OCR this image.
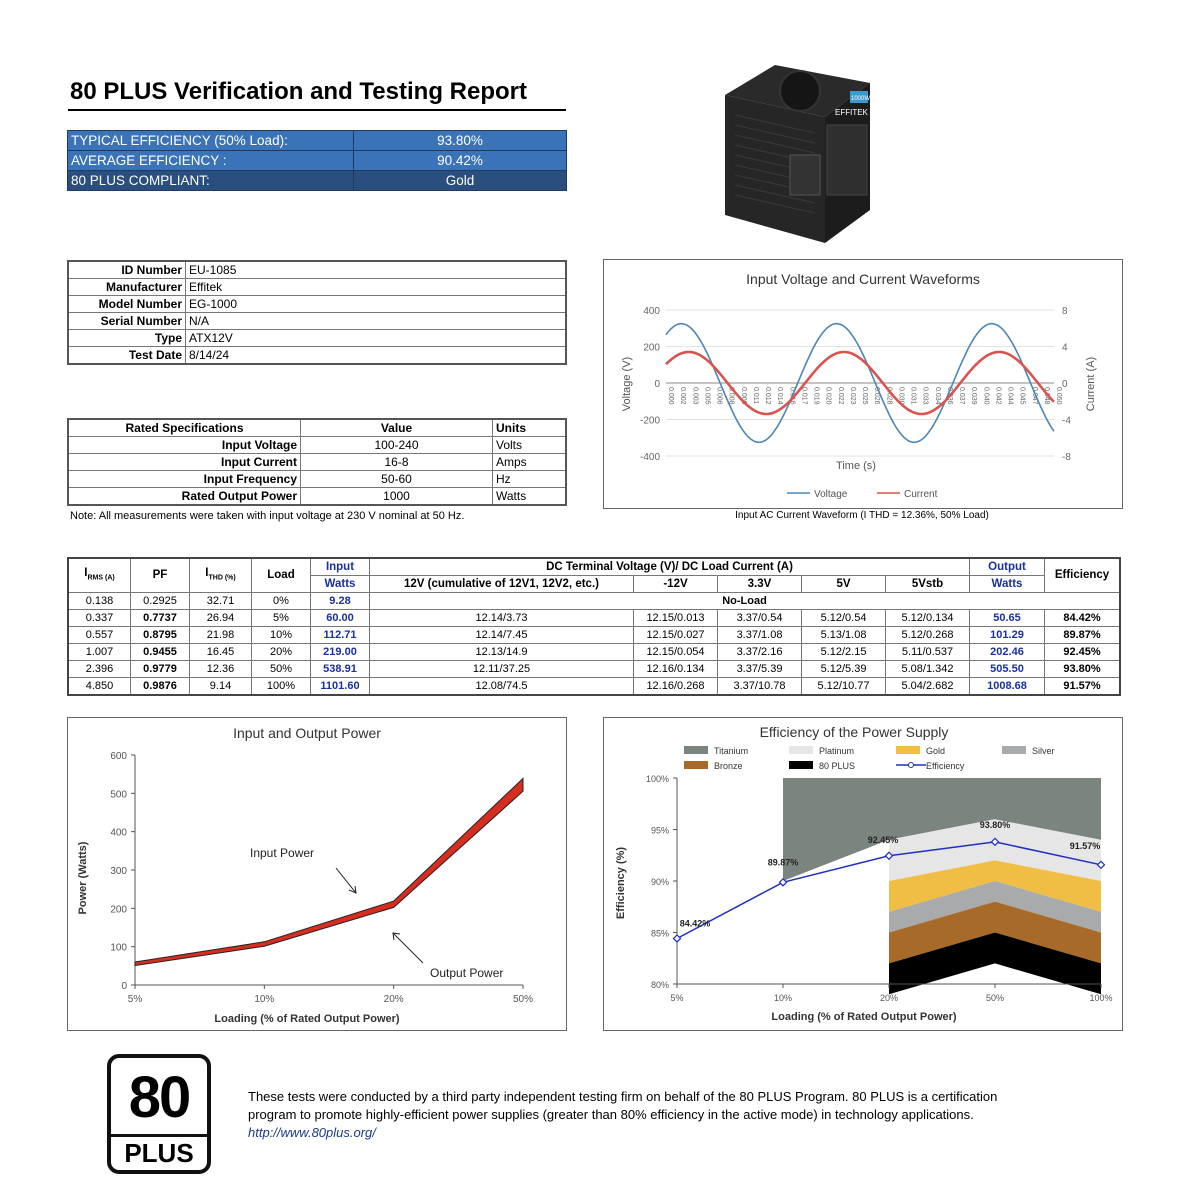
80 PLUS Verification and Testing Report
TYPICAL EFFICIENCY (50% Load):	93.80%
AVERAGE EFFICIENCY :	90.42%
80 PLUS COMPLIANT:	Gold
EFFITEK
1000W
ID Number	EU-1085
Manufacturer	Effitek
Model Number	EG-1000
Serial Number	N/A
Type	ATX12V
Test Date	8/14/24
Rated Specifications	Value	Units
Input Voltage	100-240	Volts
Input Current	16-8	Amps
Input Frequency	50-60	Hz
Rated Output Power	1000	Watts
Note: All measurements were taken with input voltage at 230 V nominal at 50 Hz.
Input Voltage and Current Waveforms
400
200
0
-200
-400
8
4
0
-4
-8
0.000 0.002 0.003 0.005 0.006 0.008 0.009 0.011 0.012 0.014 0.016 0.017 0.019 0.020 0.022 0.023 0.025 0.026 0.028 0.030 0.031 0.033 0.034 0.036 0.037 0.039 0.040 0.042 0.044 0.045 0.047 0.048 0.050
Voltage (V)	Current (A)
Time (s)
Voltage	Current
Input AC Current Waveform (I THD = 12.36%, 50% Load)
$I_{RMS (A)}$	PF	$I_{THD (\%)}$	Load	Input	DC Terminal Voltage (V)/ DC Load Current (A)					Output	Efficiency
				Watts	12V (cumulative of 12V1, 12V2, etc.)	-12V	3.3V	5V	5Vstb	Watts	
0.138	0.2925	32.71	0%	9.28	No-Load						
0.337	0.7737	26.94	5%	60.00	12.14/3.73	12.15/0.013	3.37/0.54	5.12/0.54	5.12/0.134	50.65	84.42%
0.557	0.8795	21.98	10%	112.71	12.14/7.45	12.15/0.027	3.37/1.08	5.13/1.08	5.12/0.268	101.29	89.87%
1.007	0.9455	16.45	20%	219.00	12.13/14.9	12.15/0.054	3.37/2.16	5.12/2.15	5.11/0.537	202.46	92.45%
2.396	0.9779	12.36	50%	538.91	12.11/37.25	12.16/0.134	3.37/5.39	5.12/5.39	5.08/1.342	505.50	93.80%
4.850	0.9876	9.14	100%	1101.60	12.08/74.5	12.16/0.268	3.37/10.78	5.12/10.77	5.04/2.682	1008.68	91.57%
Input and Output Power
0
100
200
300
400
500
600
5%	10%	20%	50%
Input Power
Output Power
Power (Watts)
Loading (% of Rated Output Power)
Efficiency of the Power Supply
Titanium	Platinum	Gold	Silver
Bronze	80 PLUS	Efficiency
80%
85%
90%
95%
100%
5%	10%	20%	50%	100%
84.42%
89.87%
92.45%
93.80%
91.57%
Efficiency (%)
Loading (% of Rated Output Power)
80
PLUS
These tests were conducted by a third party independent testing firm on behalf of the 80 PLUS Program. 80 PLUS is a certification program to promote highly-efficient power supplies (greater than 80% efficiency in the active mode) in technology applications.
http://www.80plus.org/
